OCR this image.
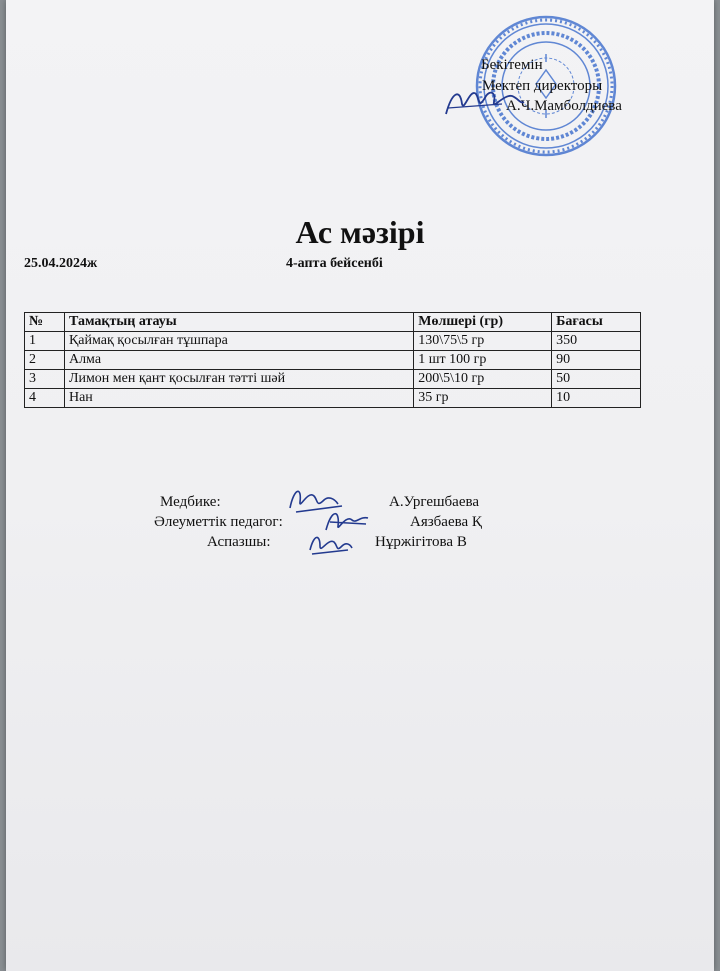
Бекітемін
Мектеп директоры
А.Ч.Мамболдиева
Ас мәзірі
25.04.2024ж	4-апта бейсенбі
№	Тамақтың атауы	Мөлшері (гр)	Бағасы
1	Қаймақ қосылған тұшпара	130\75\5 гр	350
2	Алма	1 шт 100 гр	90
3	Лимон мен қант қосылған тәтті шәй	200\5\10 гр	50
4	Нан	35 гр	10
Медбике:	А.Ургешбаева
Әлеуметтік педагог:	Аязбаева Қ
Аспазшы:	Нұржігітова В
